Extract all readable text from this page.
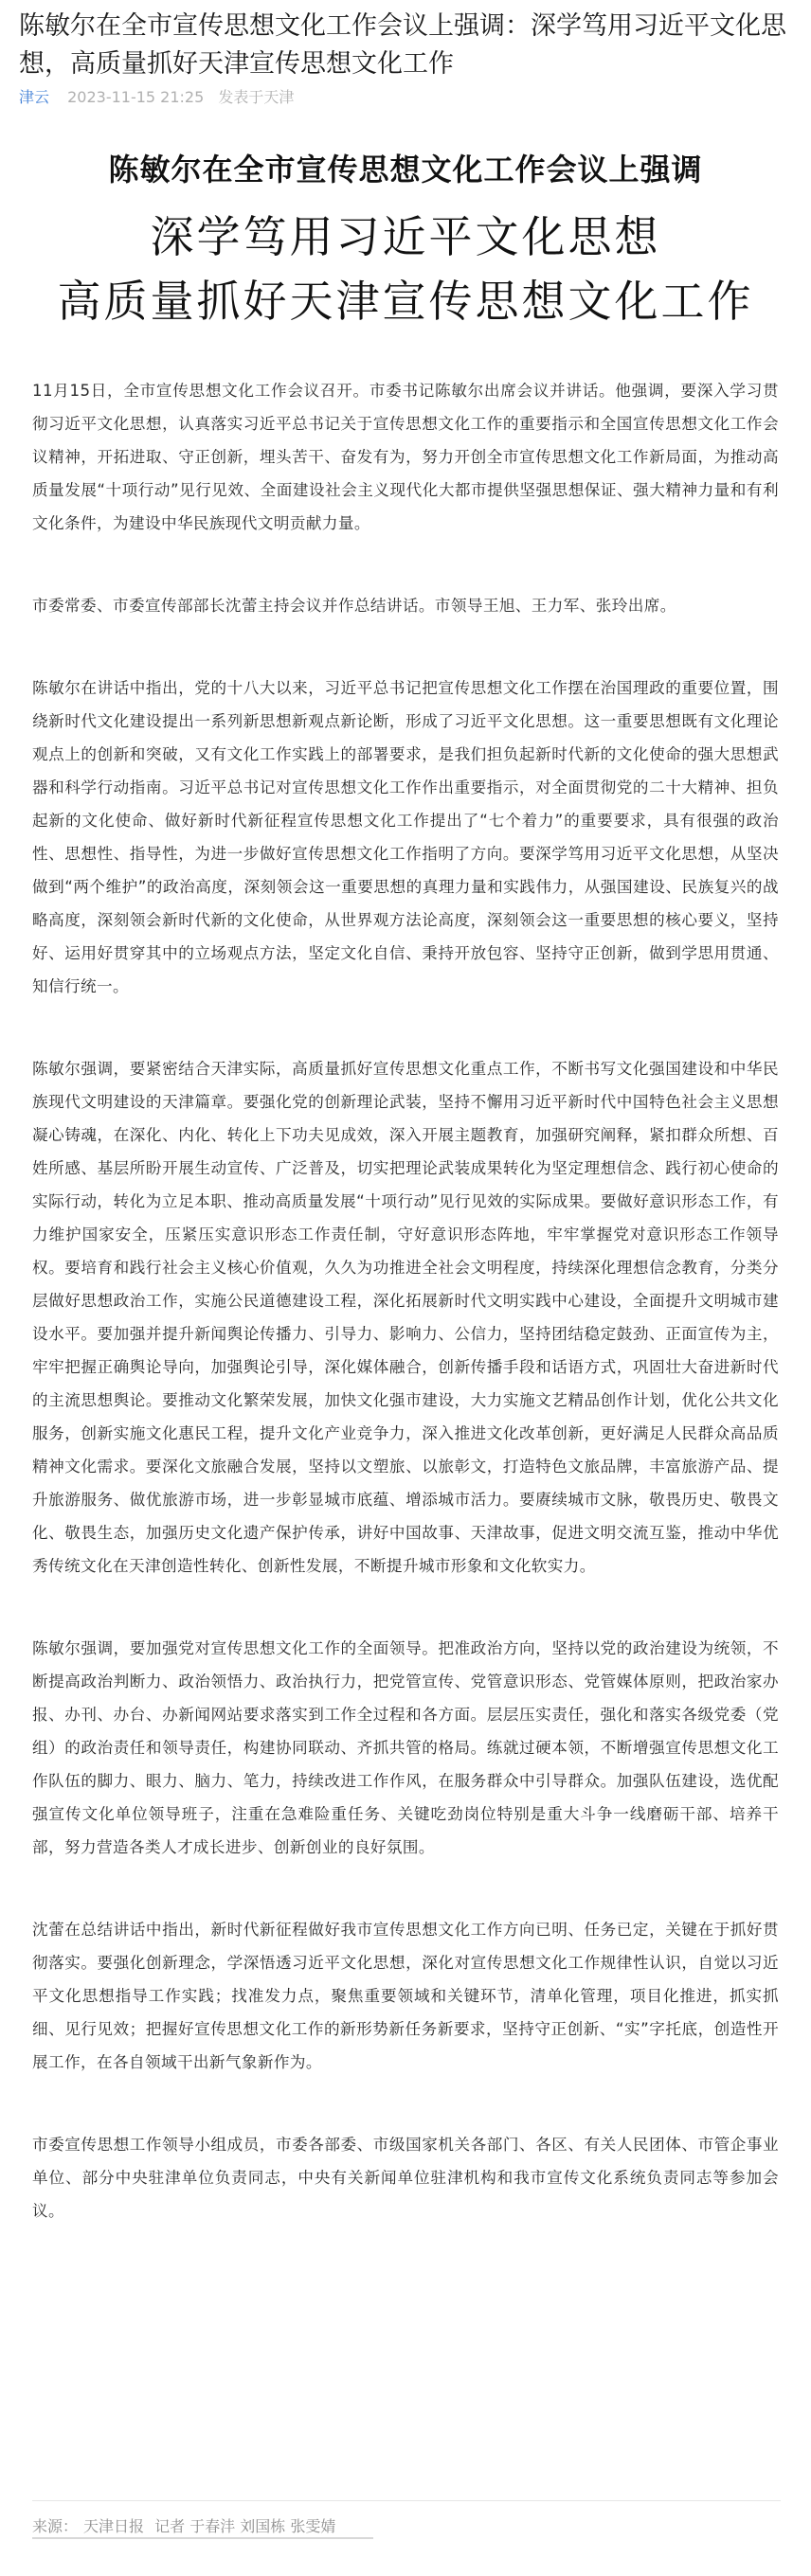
陈敏尔在全市宣传思想文化工作会议上强调：深学笃用习近平文化思想，高质量抓好天津宣传思想文化工作
津云 2023-11-15 21:25 发表于天津
陈敏尔在全市宣传思想文化工作会议上强调
深学笃用习近平文化思想
高质量抓好天津宣传思想文化工作

11月15日，全市宣传思想文化工作会议召开。市委书记陈敏尔出席会议并讲话。他强调，要深入学习贯彻习近平文化思想，认真落实习近平总书记关于宣传思想文化工作的重要指示和全国宣传思想文化工作会议精神，开拓进取、守正创新，埋头苦干、奋发有为，努力开创全市宣传思想文化工作新局面，为推动高质量发展“十项行动”见行见效、全面建设社会主义现代化大都市提供坚强思想保证、强大精神力量和有利文化条件，为建设中华民族现代文明贡献力量。

市委常委、市委宣传部部长沈蕾主持会议并作总结讲话。市领导王旭、王力军、张玲出席。

陈敏尔在讲话中指出，党的十八大以来，习近平总书记把宣传思想文化工作摆在治国理政的重要位置，围绕新时代文化建设提出一系列新思想新观点新论断，形成了习近平文化思想。这一重要思想既有文化理论观点上的创新和突破，又有文化工作实践上的部署要求，是我们担负起新时代新的文化使命的强大思想武器和科学行动指南。习近平总书记对宣传思想文化工作作出重要指示，对全面贯彻党的二十大精神、担负起新的文化使命、做好新时代新征程宣传思想文化工作提出了“七个着力”的重要要求，具有很强的政治性、思想性、指导性，为进一步做好宣传思想文化工作指明了方向。要深学笃用习近平文化思想，从坚决做到“两个维护”的政治高度，深刻领会这一重要思想的真理力量和实践伟力，从强国建设、民族复兴的战略高度，深刻领会新时代新的文化使命，从世界观方法论高度，深刻领会这一重要思想的核心要义，坚持好、运用好贯穿其中的立场观点方法，坚定文化自信、秉持开放包容、坚持守正创新，做到学思用贯通、知信行统一。

陈敏尔强调，要紧密结合天津实际，高质量抓好宣传思想文化重点工作，不断书写文化强国建设和中华民族现代文明建设的天津篇章。要强化党的创新理论武装，坚持不懈用习近平新时代中国特色社会主义思想凝心铸魂，在深化、内化、转化上下功夫见成效，深入开展主题教育，加强研究阐释，紧扣群众所想、百姓所感、基层所盼开展生动宣传、广泛普及，切实把理论武装成果转化为坚定理想信念、践行初心使命的实际行动，转化为立足本职、推动高质量发展“十项行动”见行见效的实际成果。要做好意识形态工作，有力维护国家安全，压紧压实意识形态工作责任制，守好意识形态阵地，牢牢掌握党对意识形态工作领导权。要培育和践行社会主义核心价值观，久久为功推进全社会文明程度，持续深化理想信念教育，分类分层做好思想政治工作，实施公民道德建设工程，深化拓展新时代文明实践中心建设，全面提升文明城市建设水平。要加强并提升新闻舆论传播力、引导力、影响力、公信力，坚持团结稳定鼓劲、正面宣传为主，牢牢把握正确舆论导向，加强舆论引导，深化媒体融合，创新传播手段和话语方式，巩固壮大奋进新时代的主流思想舆论。要推动文化繁荣发展，加快文化强市建设，大力实施文艺精品创作计划，优化公共文化服务，创新实施文化惠民工程，提升文化产业竞争力，深入推进文化改革创新，更好满足人民群众高品质精神文化需求。要深化文旅融合发展，坚持以文塑旅、以旅彰文，打造特色文旅品牌，丰富旅游产品、提升旅游服务、做优旅游市场，进一步彰显城市底蕴、增添城市活力。要赓续城市文脉，敬畏历史、敬畏文化、敬畏生态，加强历史文化遗产保护传承，讲好中国故事、天津故事，促进文明交流互鉴，推动中华优秀传统文化在天津创造性转化、创新性发展，不断提升城市形象和文化软实力。

陈敏尔强调，要加强党对宣传思想文化工作的全面领导。把准政治方向，坚持以党的政治建设为统领，不断提高政治判断力、政治领悟力、政治执行力，把党管宣传、党管意识形态、党管媒体原则，把政治家办报、办刊、办台、办新闻网站要求落实到工作全过程和各方面。层层压实责任，强化和落实各级党委（党组）的政治责任和领导责任，构建协同联动、齐抓共管的格局。练就过硬本领，不断增强宣传思想文化工作队伍的脚力、眼力、脑力、笔力，持续改进工作作风，在服务群众中引导群众。加强队伍建设，选优配强宣传文化单位领导班子，注重在急难险重任务、关键吃劲岗位特别是重大斗争一线磨砺干部、培养干部，努力营造各类人才成长进步、创新创业的良好氛围。

沈蕾在总结讲话中指出，新时代新征程做好我市宣传思想文化工作方向已明、任务已定，关键在于抓好贯彻落实。要强化创新理念，学深悟透习近平文化思想，深化对宣传思想文化工作规律性认识，自觉以习近平文化思想指导工作实践；找准发力点，聚焦重要领域和关键环节，清单化管理，项目化推进，抓实抓细、见行见效；把握好宣传思想文化工作的新形势新任务新要求，坚持守正创新、“实”字托底，创造性开展工作，在各自领域干出新气象新作为。

市委宣传思想工作领导小组成员，市委各部委、市级国家机关各部门、各区、有关人民团体、市管企事业单位、部分中央驻津单位负责同志，中央有关新闻单位驻津机构和我市宣传文化系统负责同志等参加会议。

来源： 天津日报 记者 于春沣 刘国栋 张雯婧
